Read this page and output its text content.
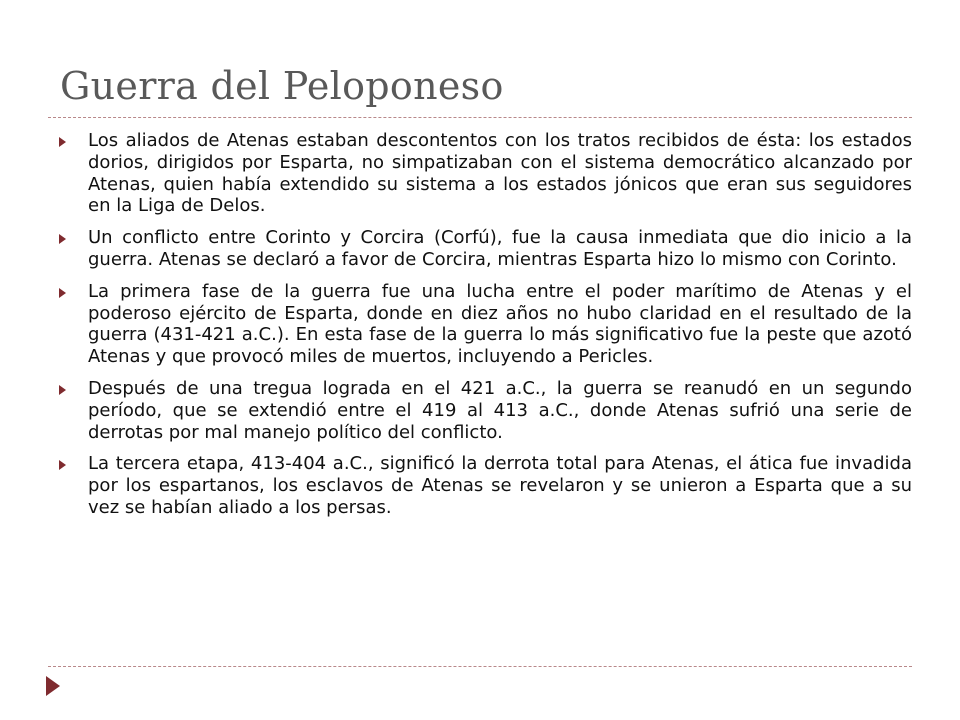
Guerra del Peloponeso
Los aliados de Atenas estaban descontentos con los tratos recibidos de ésta: los estados dorios, dirigidos por Esparta, no simpatizaban con el sistema democrático alcanzado por Atenas, quien había extendido su sistema a los estados jónicos que eran sus seguidores en la Liga de Delos.
Un conflicto entre Corinto y Corcira (Corfú), fue la causa inmediata que dio inicio a la guerra. Atenas se declaró a favor de Corcira, mientras Esparta hizo lo mismo con Corinto.
La primera fase de la guerra fue una lucha entre el poder marítimo de Atenas y el poderoso ejército de Esparta, donde en diez años no hubo claridad en el resultado de la guerra (431-421 a.C.). En esta fase de la guerra lo más significativo fue la peste que azotó Atenas y que provocó miles de muertos, incluyendo a Pericles.
Después de una tregua lograda en el 421 a.C., la guerra se reanudó en un segundo período, que se extendió entre el 419 al 413 a.C., donde Atenas sufrió una serie de derrotas por mal manejo político del conflicto.
La tercera etapa, 413-404 a.C., significó la derrota total para Atenas, el ática fue invadida por los espartanos, los esclavos de Atenas se revelaron y se unieron a Esparta que a su vez se habían aliado a los persas.
